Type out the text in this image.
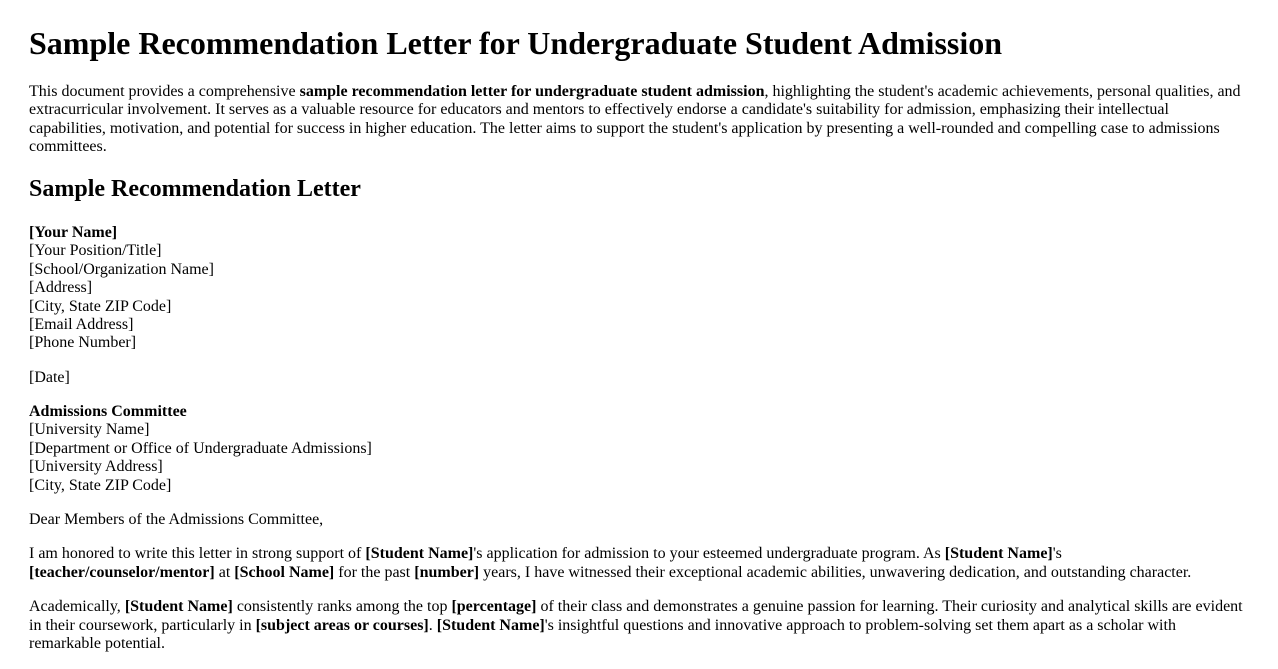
Sample Recommendation Letter for Undergraduate Student Admission

This document provides a comprehensive sample recommendation letter for undergraduate student admission, highlighting the student's academic achievements, personal qualities, and extracurricular involvement. It serves as a valuable resource for educators and mentors to effectively endorse a candidate's suitability for admission, emphasizing their intellectual capabilities, motivation, and potential for success in higher education. The letter aims to support the student's application by presenting a well-rounded and compelling case to admissions committees.

Sample Recommendation Letter

[Your Name]
[Your Position/Title]
[School/Organization Name]
[Address]
[City, State ZIP Code]
[Email Address]
[Phone Number]

[Date]

Admissions Committee
[University Name]
[Department or Office of Undergraduate Admissions]
[University Address]
[City, State ZIP Code]

Dear Members of the Admissions Committee,

I am honored to write this letter in strong support of [Student Name]'s application for admission to your esteemed undergraduate program. As [Student Name]'s [teacher/counselor/mentor] at [School Name] for the past [number] years, I have witnessed their exceptional academic abilities, unwavering dedication, and outstanding character.

Academically, [Student Name] consistently ranks among the top [percentage] of their class and demonstrates a genuine passion for learning. Their curiosity and analytical skills are evident in their coursework, particularly in [subject areas or courses]. [Student Name]'s insightful questions and innovative approach to problem-solving set them apart as a scholar with remarkable potential.
